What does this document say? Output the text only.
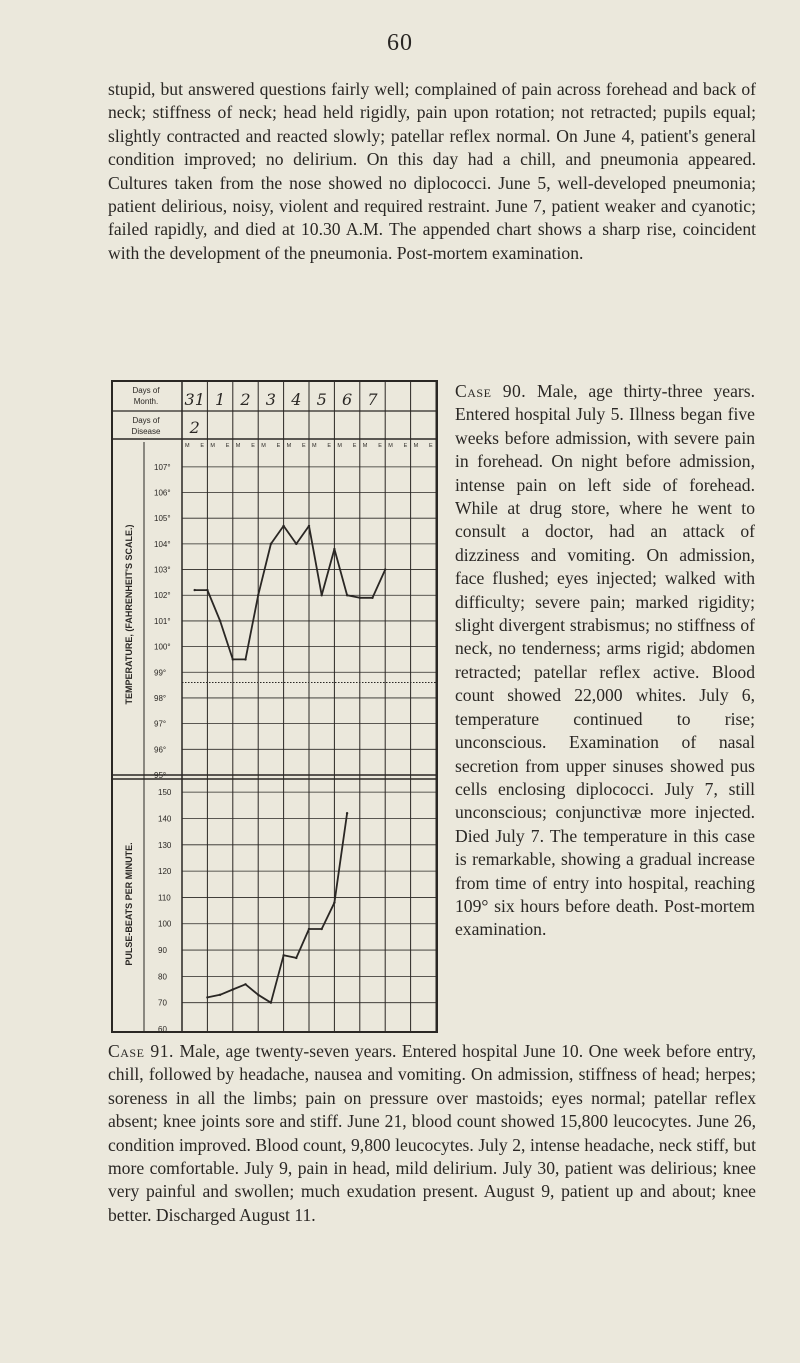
60

stupid, but answered questions fairly well; complained of pain across forehead and back of neck; stiffness of neck; head held rigidly, pain upon rotation; not retracted; pupils equal; slightly contracted and reacted slowly; patellar reflex normal. On June 4, patient's general condition improved; no delirium. On this day had a chill, and pneumonia appeared. Cultures taken from the nose showed no diplococci. June 5, well-developed pneumonia; patient delirious, noisy, violent and required restraint. June 7, patient weaker and cyanotic; failed rapidly, and died at 10.30 A.M. The appended chart shows a sharp rise, coincident with the development of the pneumonia. Post-mortem examination.

107°
106°
105°
104°
103°
102°
101°
100°
99°
98°
97°
96°
95°
150
140
130
120
110
100
90
80
70
60
TEMPERATURE, (FAHRENHEIT'S SCALE.)
PULSE-BEATS PER MINUTE.
Days of
Month.
Days of
Disease
31 1 2 3 4 5 6 7
2
M E M E M E M E M E M E M E M E M E M E

Case 90. Male, age thirty-three years. Entered hospital July 5. Illness began five weeks before admission, with severe pain in forehead. On night before admission, intense pain on left side of forehead. While at drug store, where he went to consult a doctor, had an attack of dizziness and vomiting. On admission, face flushed; eyes injected; walked with difficulty; severe pain; marked rigidity; slight divergent strabismus; no stiffness of neck, no tenderness; arms rigid; abdomen retracted; patellar reflex active. Blood count showed 22,000 whites. July 6, temperature continued to rise; unconscious. Examination of nasal secretion from upper sinuses showed pus cells enclosing diplococci. July 7, still unconscious; conjunctivæ more injected. Died July 7. The temperature in this case is remarkable, showing a gradual increase from time of entry into hospital, reaching 109° six hours before death. Post-mortem examination.

Case 91. Male, age twenty-seven years. Entered hospital June 10. One week before entry, chill, followed by headache, nausea and vomiting. On admission, stiffness of head; herpes; soreness in all the limbs; pain on pressure over mastoids; eyes normal; patellar reflex absent; knee joints sore and stiff. June 21, blood count showed 15,800 leucocytes. June 26, condition improved. Blood count, 9,800 leucocytes. July 2, intense headache, neck stiff, but more comfortable. July 9, pain in head, mild delirium. July 30, patient was delirious; knee very painful and swollen; much exudation present. August 9, patient up and about; knee better. Discharged August 11.
